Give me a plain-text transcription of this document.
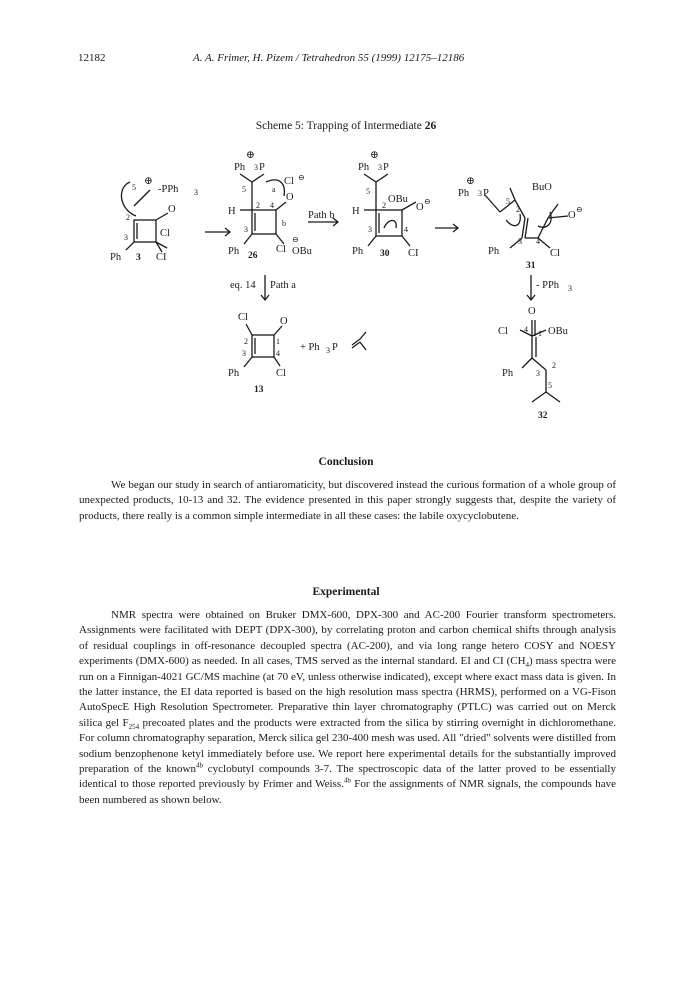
12182	A. A. Frimer, H. Pizem / Tetrahedron 55 (1999) 12175–12186
Scheme 5: Trapping of Intermediate 26
⊕
-PPh 3
5
O
Cl
2
3
Ph 3 CI
⊕
Ph 3 P
Cl ⊖
a
O
b
H
5
2
3
4
Ph 26
Cl
⊖
OBu
Path b
⊕
Ph 3 P
OBu
O
⊖
H
5
2
3	4
Ph 30 CI
⊕
Ph 3 P
5
2
BuO
O
⊖
3 4
Ph	Cl
31
eq. 14 Path a	- PPh 3
Cl	O
2	1
3	4
Ph	Cl
13
+ Ph 3 P
O
Cl 4 1 OBu
Ph	3
2
5
32
Conclusion

We began our study in search of antiaromaticity, but discovered instead the curious formation of a whole group of unexpected products, 10-13 and 32. The evidence presented in this paper strongly suggests that, despite the variety of products, there really is a common simple intermediate in all these cases: the labile oxycyclobutene.

Experimental

NMR spectra were obtained on Bruker DMX-600, DPX-300 and AC-200 Fourier transform spectrometers. Assignments were facilitated with DEPT (DPX-300), by correlating proton and carbon chemical shifts through analysis of residual couplings in off-resonance decoupled spectra (AC-200), and via long range hetero COSY and NOESY experiments (DMX-600) as needed. In all cases, TMS served as the internal standard. EI and CI $(CH_4)$ mass spectra were run on a Finnigan-4021 GC/MS machine (at 70 eV, unless otherwise indicated), except where exact mass data is given. In the latter instance, the EI data reported is based on the high resolution mass spectra (HRMS), performed on a VG-Fison AutoSpecE High Resolution Spectrometer. Preparative thin layer chromatography (PTLC) was carried out on Merck silica gel $F_{254}$ precoated plates and the products were extracted from the silica by stirring overnight in dichloromethane. For column chromatography separation, Merck silica gel 230-400 mesh was used. All "dried" solvents were distilled from sodium benzophenone ketyl immediately before use. We report here experimental details for the substantially improved preparation of the known$^{4b}$ cyclobutyl compounds 3-7. The spectroscopic data of the latter proved to be essentially identical to those reported previously by Frimer and Weiss.$^{4b}$ For the assignments of NMR signals, the compounds have been numbered as shown below.
